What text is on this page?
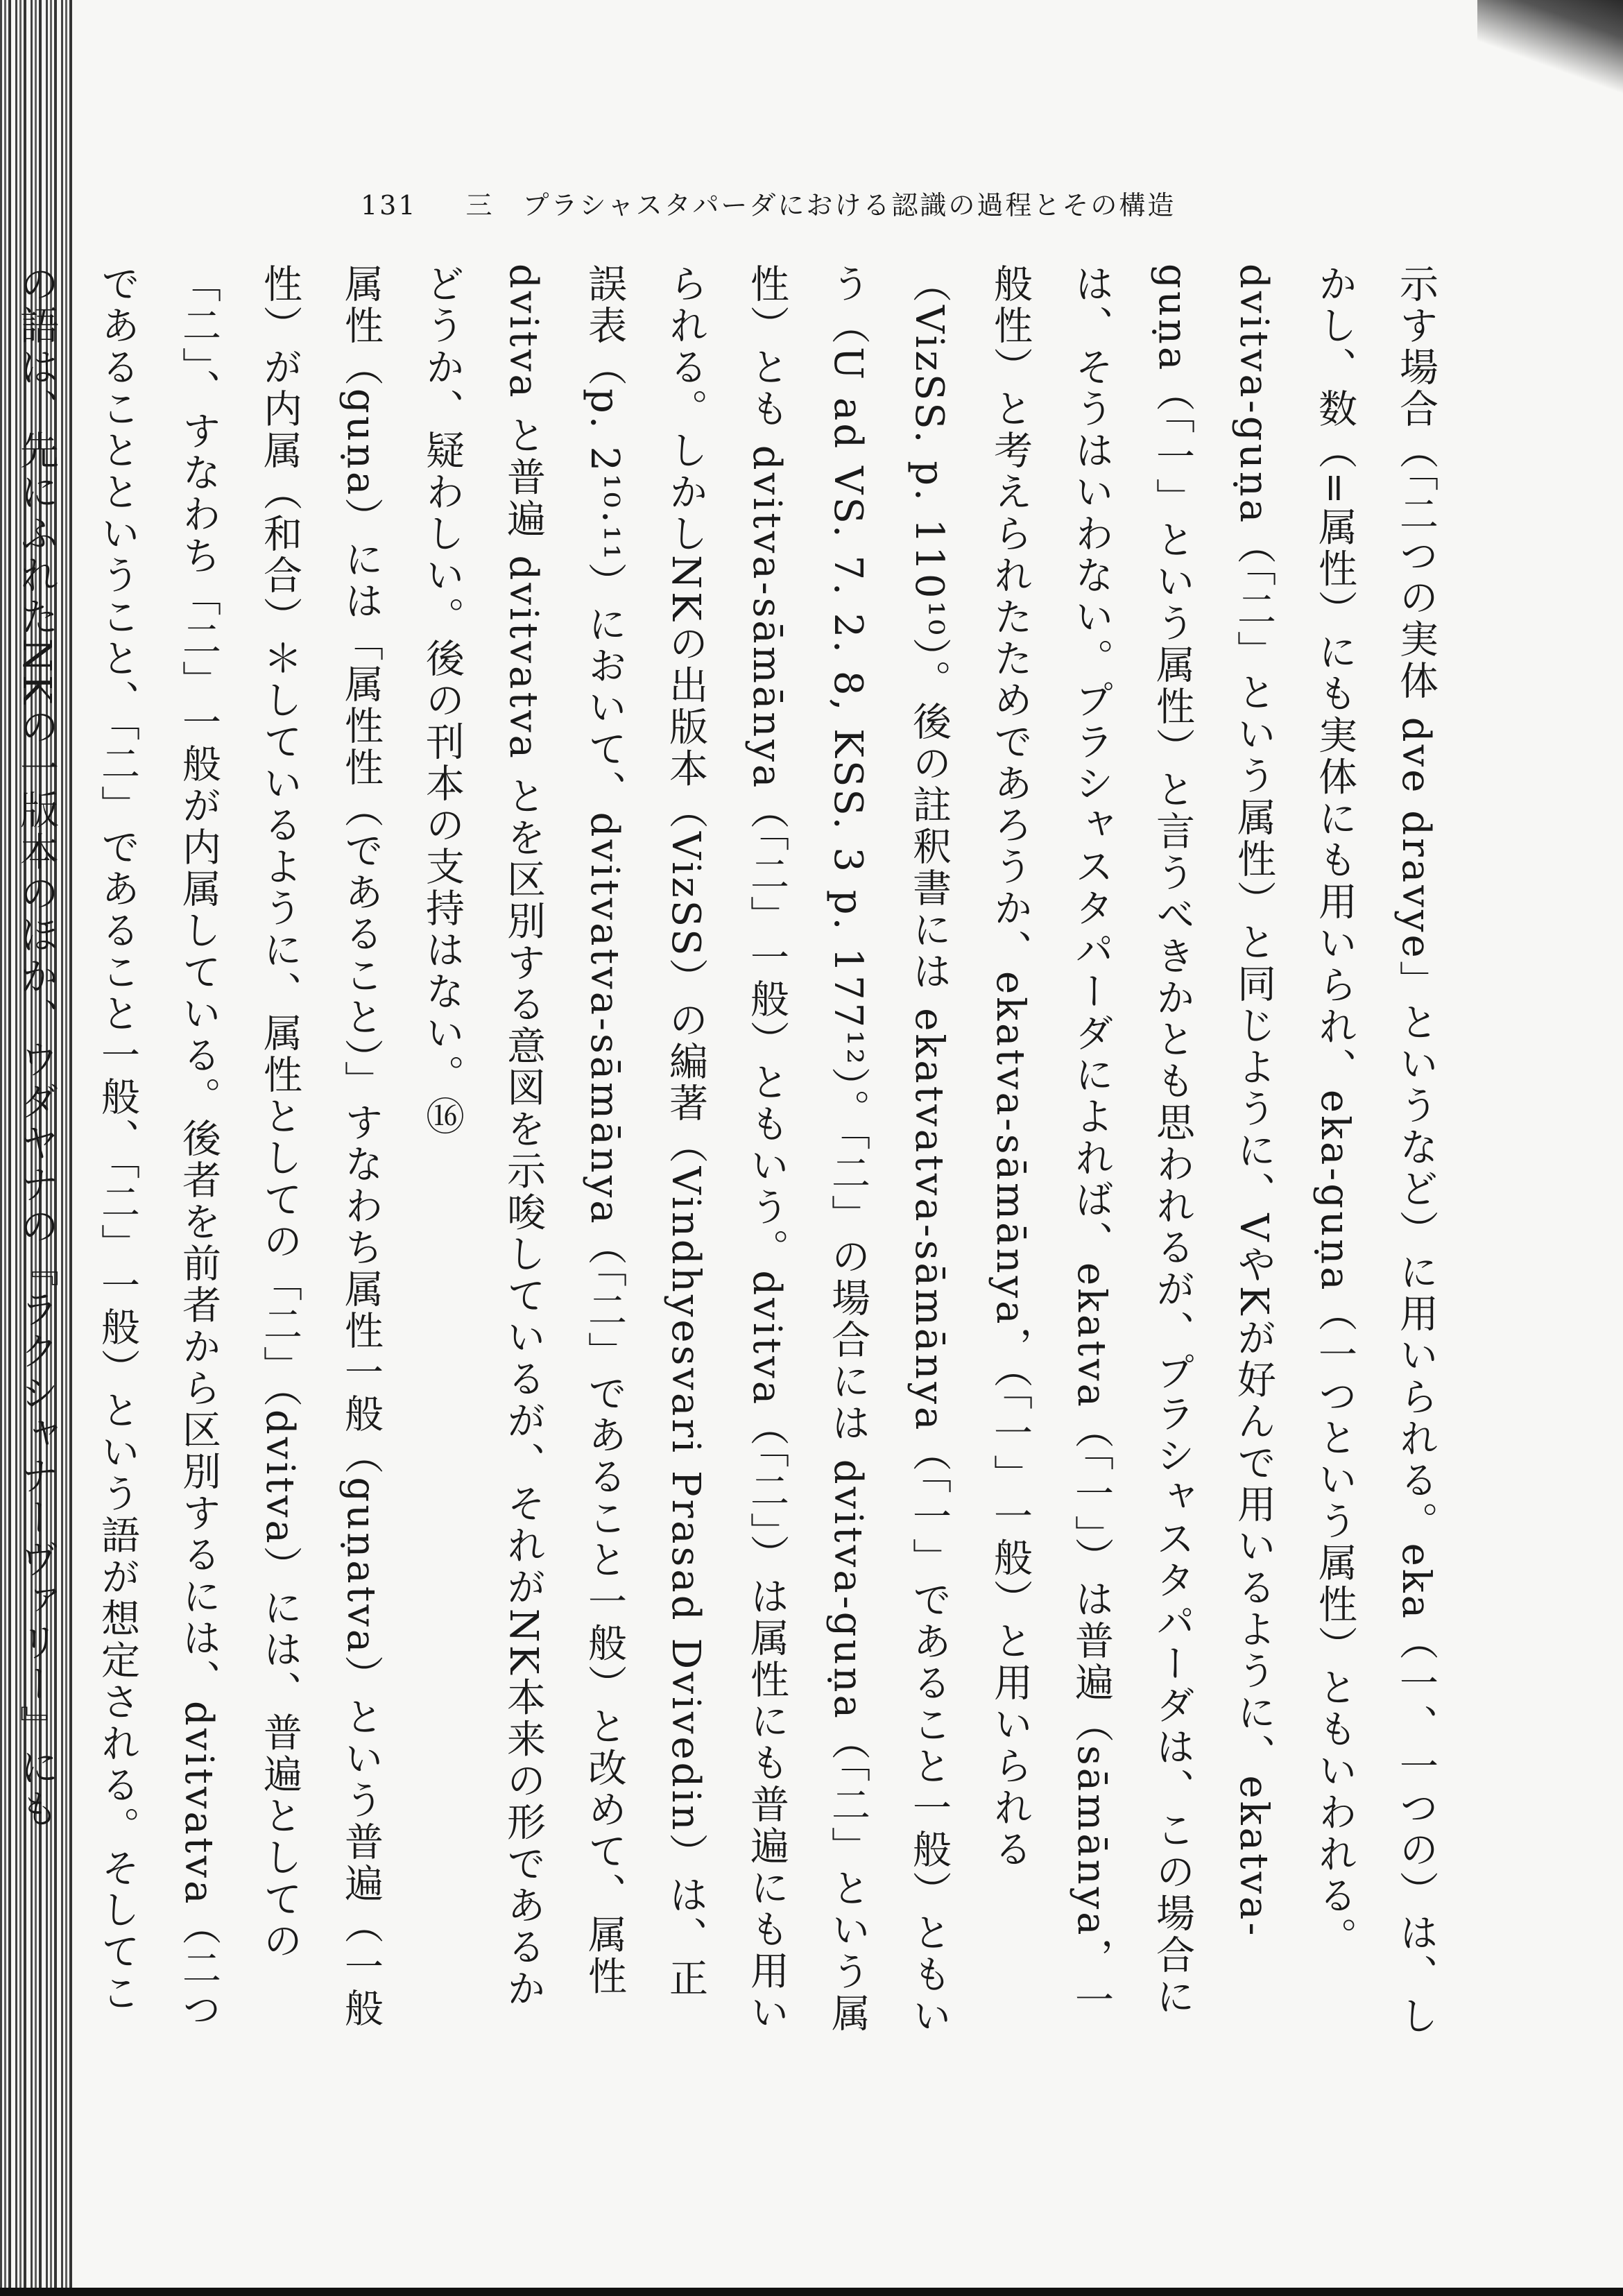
131 三　プラシャスタパーダにおける認識の過程とその構造

示す場合（「二つの実体 dve dravye」というなど）に用いられる。eka（一、一つの）は、しかし、数（=属性）にも実体にも用いられ、eka-guṇa（一つという属性）ともいわれる。dvitva-guṇa（「二」という属性）と同じように、VやKが好んで用いるように、ekatva-guṇa（「一」という属性）と言うべきかとも思われるが、プラシャスタパーダは、この場合には、そうはいわない。プラシャスタパーダによれば、ekatva（「一」）は普遍（sāmānya，一般性）と考えられたためであろうか、ekatva-sāmānya，（「一」一般）と用いられる（VizSS. p. 110¹⁰）。後の註釈書には ekatvatva-sāmānya（「一」であること一般）ともいう（U ad VS. 7. 2. 8, KSS. 3 p. 177¹²）。「二」の場合には dvitva-guṇa（「二」という属性）とも dvitva-sāmānya（「二」一般）ともいう。dvitva（「二」）は属性にも普遍にも用いられる。しかしNKの出版本（VizSS）の編著（Vindhyesvari Prasad Dvivedin）は、正誤表（p. 2¹⁰·¹¹）において、dvitvatva-sāmānya（「二」であること一般）と改めて、属性 dvitva と普遍 dvitvatva とを区別する意図を示唆しているが、それがNK本来の形であるかどうか、疑わしい。後の刊本の支持はない。⑯

属性（guṇa）には「属性性（であること）」すなわち属性一般（guṇatva）という普遍（一般性）が内属（和合）＊しているように、属性としての「二」（dvitva）には、普遍としての「二」、すなわち「二」一般が内属している。後者を前者から区別するには、dvitvatva（二つであることということ、「二」であること一般、「二」一般）という語が想定される。そしてこの語は、先にふれたNKの一版本のほか、ウダヤナの『ラクシャナーヴァリー』にも
